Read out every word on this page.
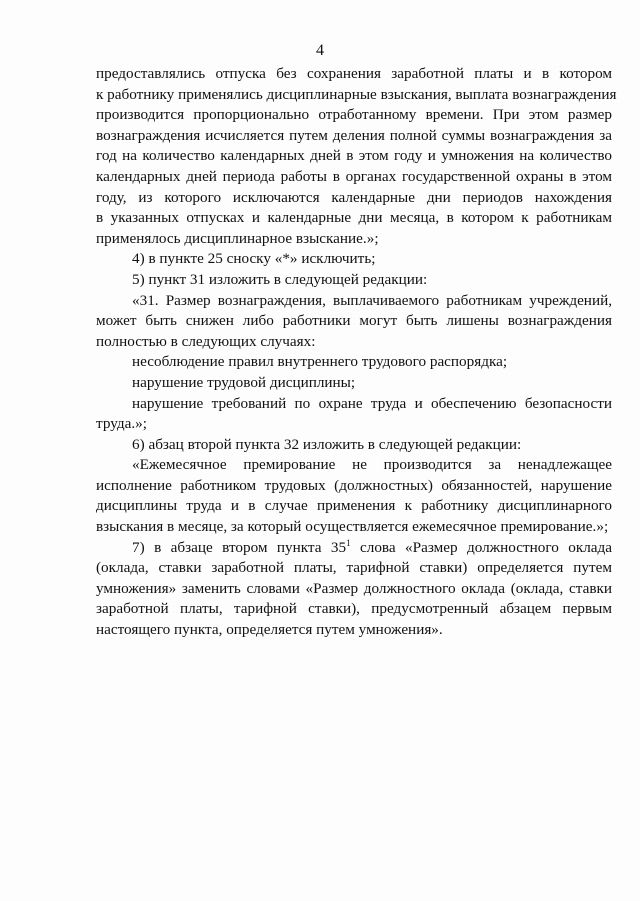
4
предоставлялись отпуска без сохранения заработной платы и в котором
к работнику применялись дисциплинарные взыскания, выплата вознаграждения
производится пропорционально отработанному времени. При этом размер
вознаграждения исчисляется путем деления полной суммы вознаграждения за
год на количество календарных дней в этом году и умножения на количество
календарных дней периода работы в органах государственной охраны в этом
году, из которого исключаются календарные дни периодов нахождения
в указанных отпусках и календарные дни месяца, в котором к работникам
применялось дисциплинарное взыскание.»;
4) в пункте 25 сноску «*» исключить;
5) пункт 31 изложить в следующей редакции:
«31. Размер вознаграждения, выплачиваемого работникам учреждений,
может быть снижен либо работники могут быть лишены вознаграждения
полностью в следующих случаях:
несоблюдение правил внутреннего трудового распорядка;
нарушение трудовой дисциплины;
нарушение требований по охране труда и обеспечению безопасности
труда.»;
6) абзац второй пункта 32 изложить в следующей редакции:
«Ежемесячное премирование не производится за ненадлежащее
исполнение работником трудовых (должностных) обязанностей, нарушение
дисциплины труда и в случае применения к работнику дисциплинарного
взыскания в месяце, за который осуществляется ежемесячное премирование.»;
7) в абзаце втором пункта $35^1$ слова «Размер должностного оклада
(оклада, ставки заработной платы, тарифной ставки) определяется путем
умножения» заменить словами «Размер должностного оклада (оклада, ставки
заработной платы, тарифной ставки), предусмотренный абзацем первым
настоящего пункта, определяется путем умножения».
